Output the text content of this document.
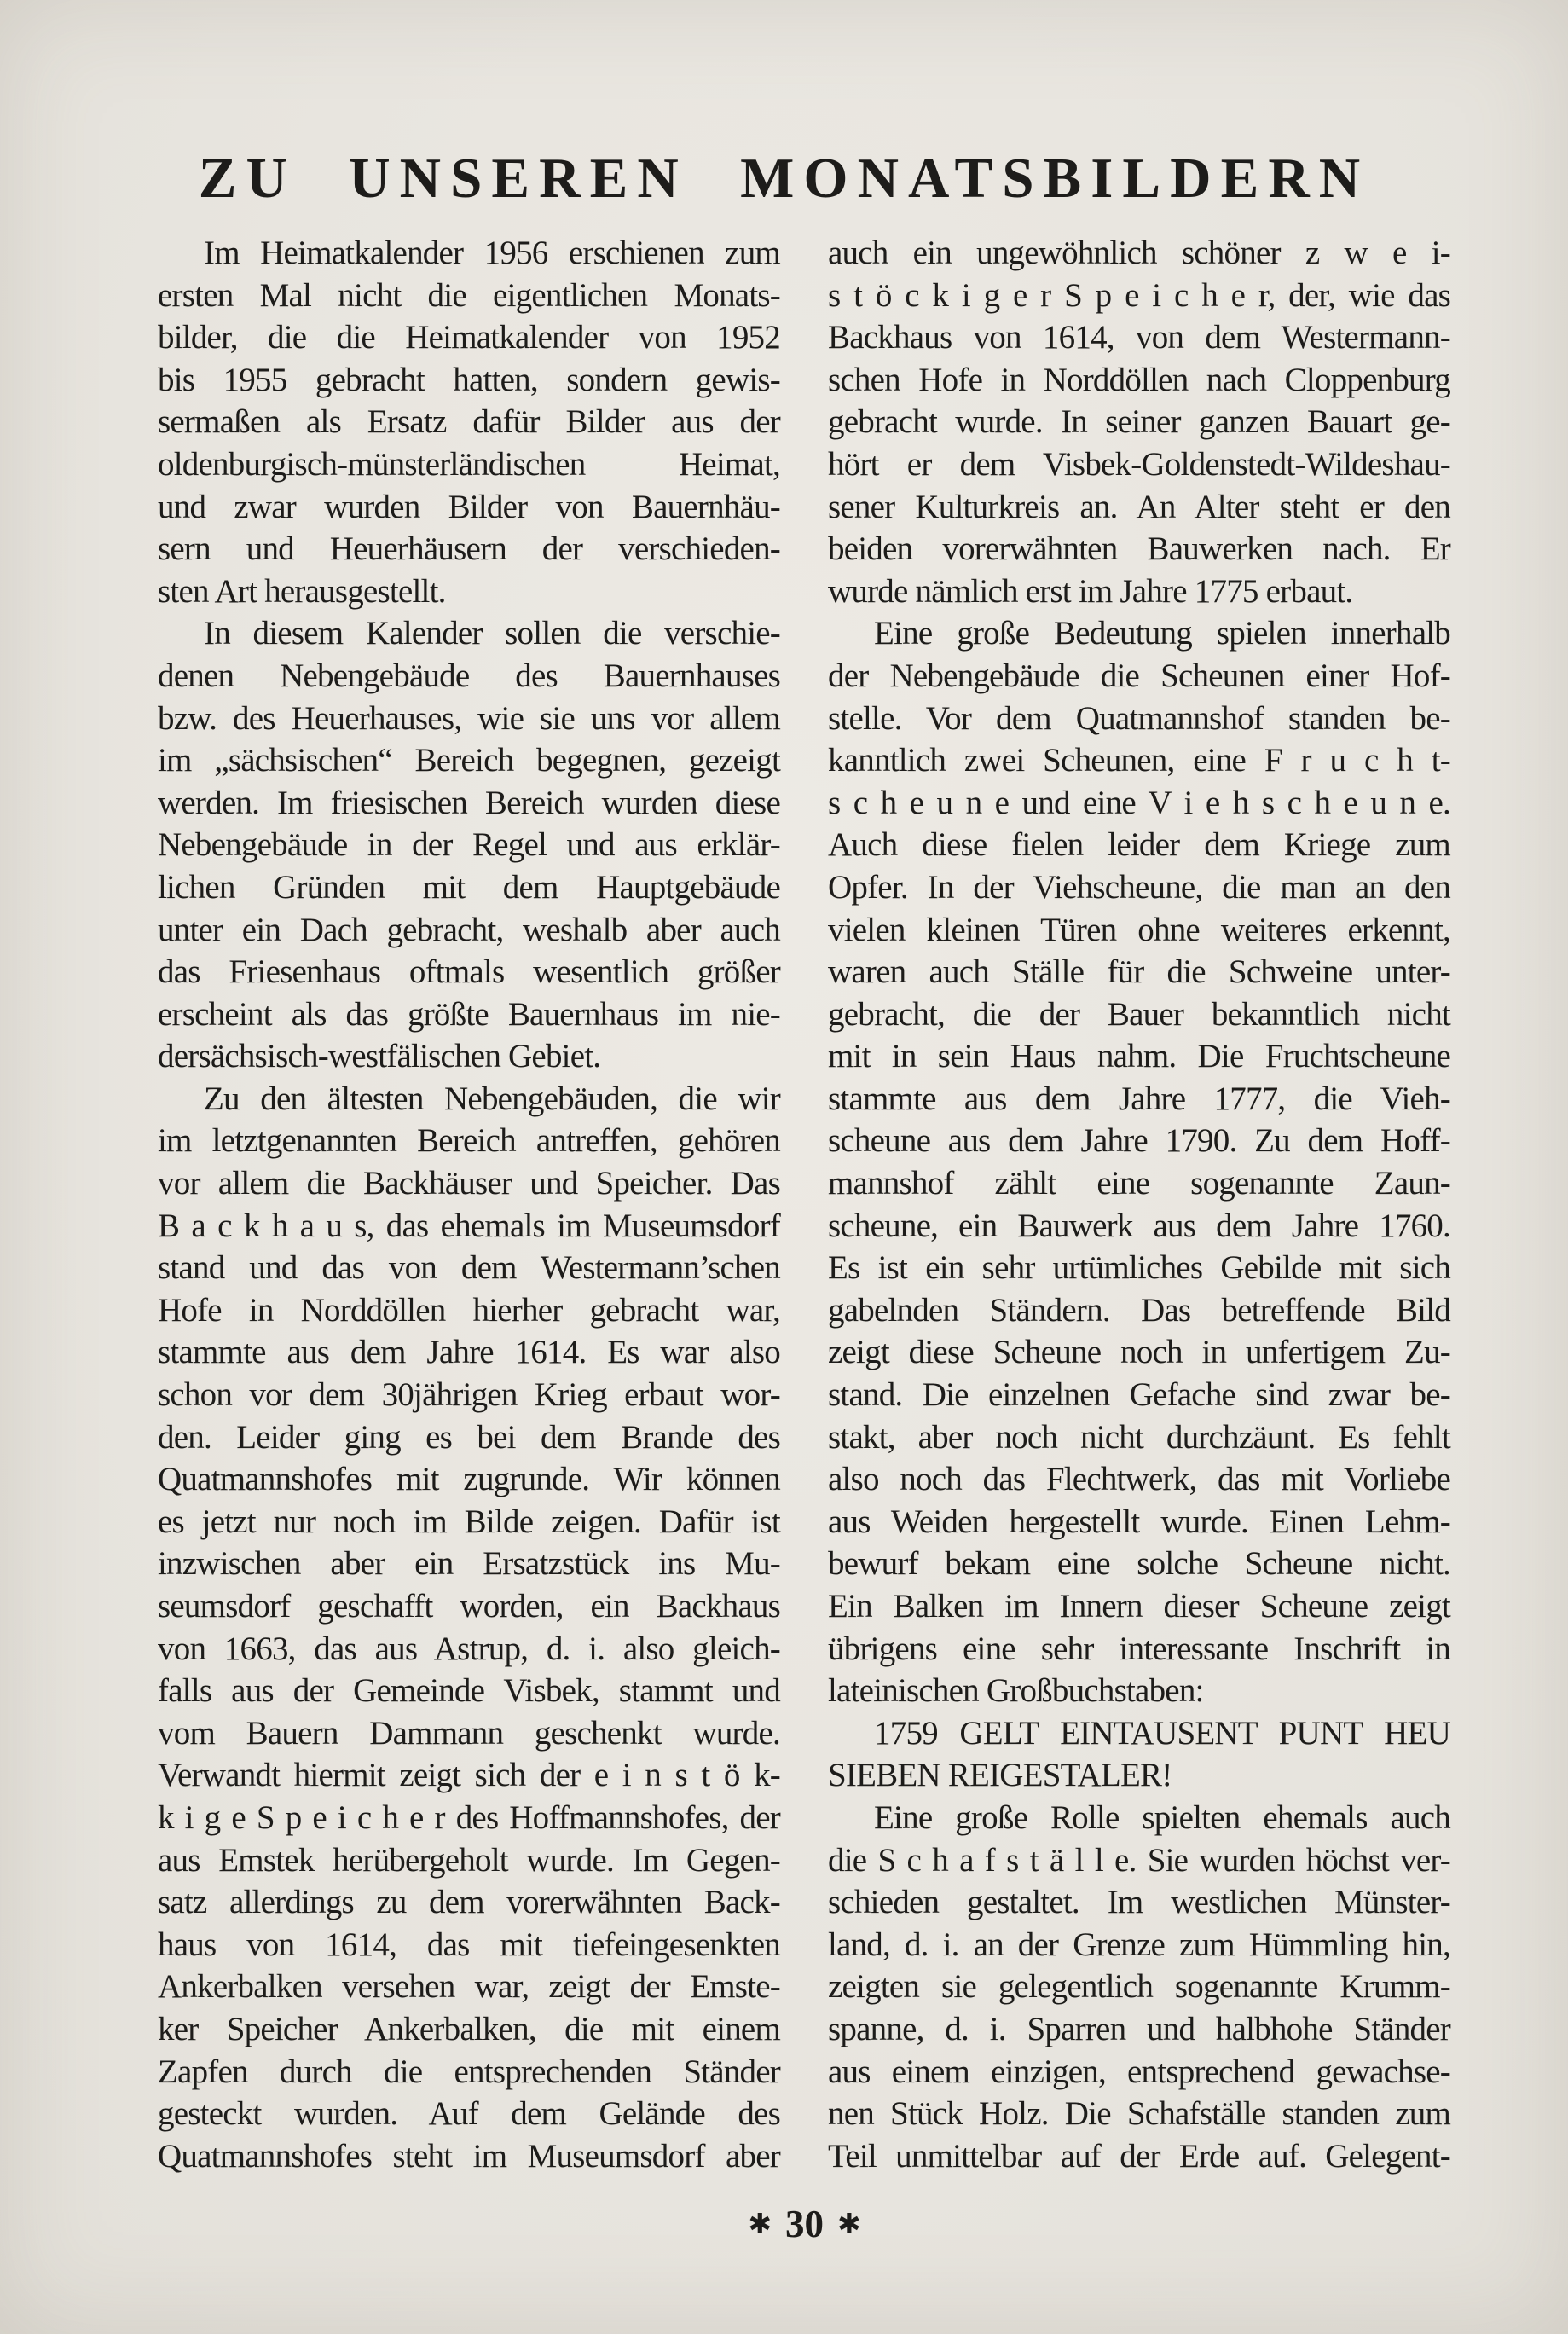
ZU UNSEREN MONATSBILDERN
Im Heimatkalender 1956 erschienen zum
ersten Mal nicht die eigentlichen Monats-
bilder, die die Heimatkalender von 1952
bis 1955 gebracht hatten, sondern gewis-
sermaßen als Ersatz dafür Bilder aus der
oldenburgisch-münsterländischen Heimat,
und zwar wurden Bilder von Bauernhäu-
sern und Heuerhäusern der verschieden-
sten Art herausgestellt.
In diesem Kalender sollen die verschie-
denen Nebengebäude des Bauernhauses
bzw. des Heuerhauses, wie sie uns vor allem
im „sächsischen“ Bereich begegnen, gezeigt
werden. Im friesischen Bereich wurden diese
Nebengebäude in der Regel und aus erklär-
lichen Gründen mit dem Hauptgebäude
unter ein Dach gebracht, weshalb aber auch
das Friesenhaus oftmals wesentlich größer
erscheint als das größte Bauernhaus im nie-
dersächsisch-westfälischen Gebiet.
Zu den ältesten Nebengebäuden, die wir
im letztgenannten Bereich antreffen, gehören
vor allem die Backhäuser und Speicher. Das
B a c k h a u s, das ehemals im Museumsdorf
stand und das von dem Westermann’schen
Hofe in Norddöllen hierher gebracht war,
stammte aus dem Jahre 1614. Es war also
schon vor dem 30jährigen Krieg erbaut wor-
den. Leider ging es bei dem Brande des
Quatmannshofes mit zugrunde. Wir können
es jetzt nur noch im Bilde zeigen. Dafür ist
inzwischen aber ein Ersatzstück ins Mu-
seumsdorf geschafft worden, ein Backhaus
von 1663, das aus Astrup, d. i. also gleich-
falls aus der Gemeinde Visbek, stammt und
vom Bauern Dammann geschenkt wurde.
Verwandt hiermit zeigt sich der e i n s t ö k-
k i g e S p e i c h e r des Hoffmannshofes, der
aus Emstek herübergeholt wurde. Im Gegen-
satz allerdings zu dem vorerwähnten Back-
haus von 1614, das mit tiefeingesenkten
Ankerbalken versehen war, zeigt der Emste-
ker Speicher Ankerbalken, die mit einem
Zapfen durch die entsprechenden Ständer
gesteckt wurden. Auf dem Gelände des
Quatmannshofes steht im Museumsdorf aber
auch ein ungewöhnlich schöner z w e i-
s t ö c k i g e r S p e i c h e r, der, wie das
Backhaus von 1614, von dem Westermann-
schen Hofe in Norddöllen nach Cloppenburg
gebracht wurde. In seiner ganzen Bauart ge-
hört er dem Visbek-Goldenstedt-Wildeshau-
sener Kulturkreis an. An Alter steht er den
beiden vorerwähnten Bauwerken nach. Er
wurde nämlich erst im Jahre 1775 erbaut.
Eine große Bedeutung spielen innerhalb
der Nebengebäude die Scheunen einer Hof-
stelle. Vor dem Quatmannshof standen be-
kanntlich zwei Scheunen, eine F r u c h t-
s c h e u n e und eine V i e h s c h e u n e.
Auch diese fielen leider dem Kriege zum
Opfer. In der Viehscheune, die man an den
vielen kleinen Türen ohne weiteres erkennt,
waren auch Ställe für die Schweine unter-
gebracht, die der Bauer bekanntlich nicht
mit in sein Haus nahm. Die Fruchtscheune
stammte aus dem Jahre 1777, die Vieh-
scheune aus dem Jahre 1790. Zu dem Hoff-
mannshof zählt eine sogenannte Zaun-
scheune, ein Bauwerk aus dem Jahre 1760.
Es ist ein sehr urtümliches Gebilde mit sich
gabelnden Ständern. Das betreffende Bild
zeigt diese Scheune noch in unfertigem Zu-
stand. Die einzelnen Gefache sind zwar be-
stakt, aber noch nicht durchzäunt. Es fehlt
also noch das Flechtwerk, das mit Vorliebe
aus Weiden hergestellt wurde. Einen Lehm-
bewurf bekam eine solche Scheune nicht.
Ein Balken im Innern dieser Scheune zeigt
übrigens eine sehr interessante Inschrift in
lateinischen Großbuchstaben:
1759 GELT EINTAUSENT PUNT HEU
SIEBEN REIGESTALER!
Eine große Rolle spielten ehemals auch
die S c h a f s t ä l l e. Sie wurden höchst ver-
schieden gestaltet. Im westlichen Münster-
land, d. i. an der Grenze zum Hümmling hin,
zeigten sie gelegentlich sogenannte Krumm-
spanne, d. i. Sparren und halbhohe Ständer
aus einem einzigen, entsprechend gewachse-
nen Stück Holz. Die Schafställe standen zum
Teil unmittelbar auf der Erde auf. Gelegent-
✱ 30 ✱
